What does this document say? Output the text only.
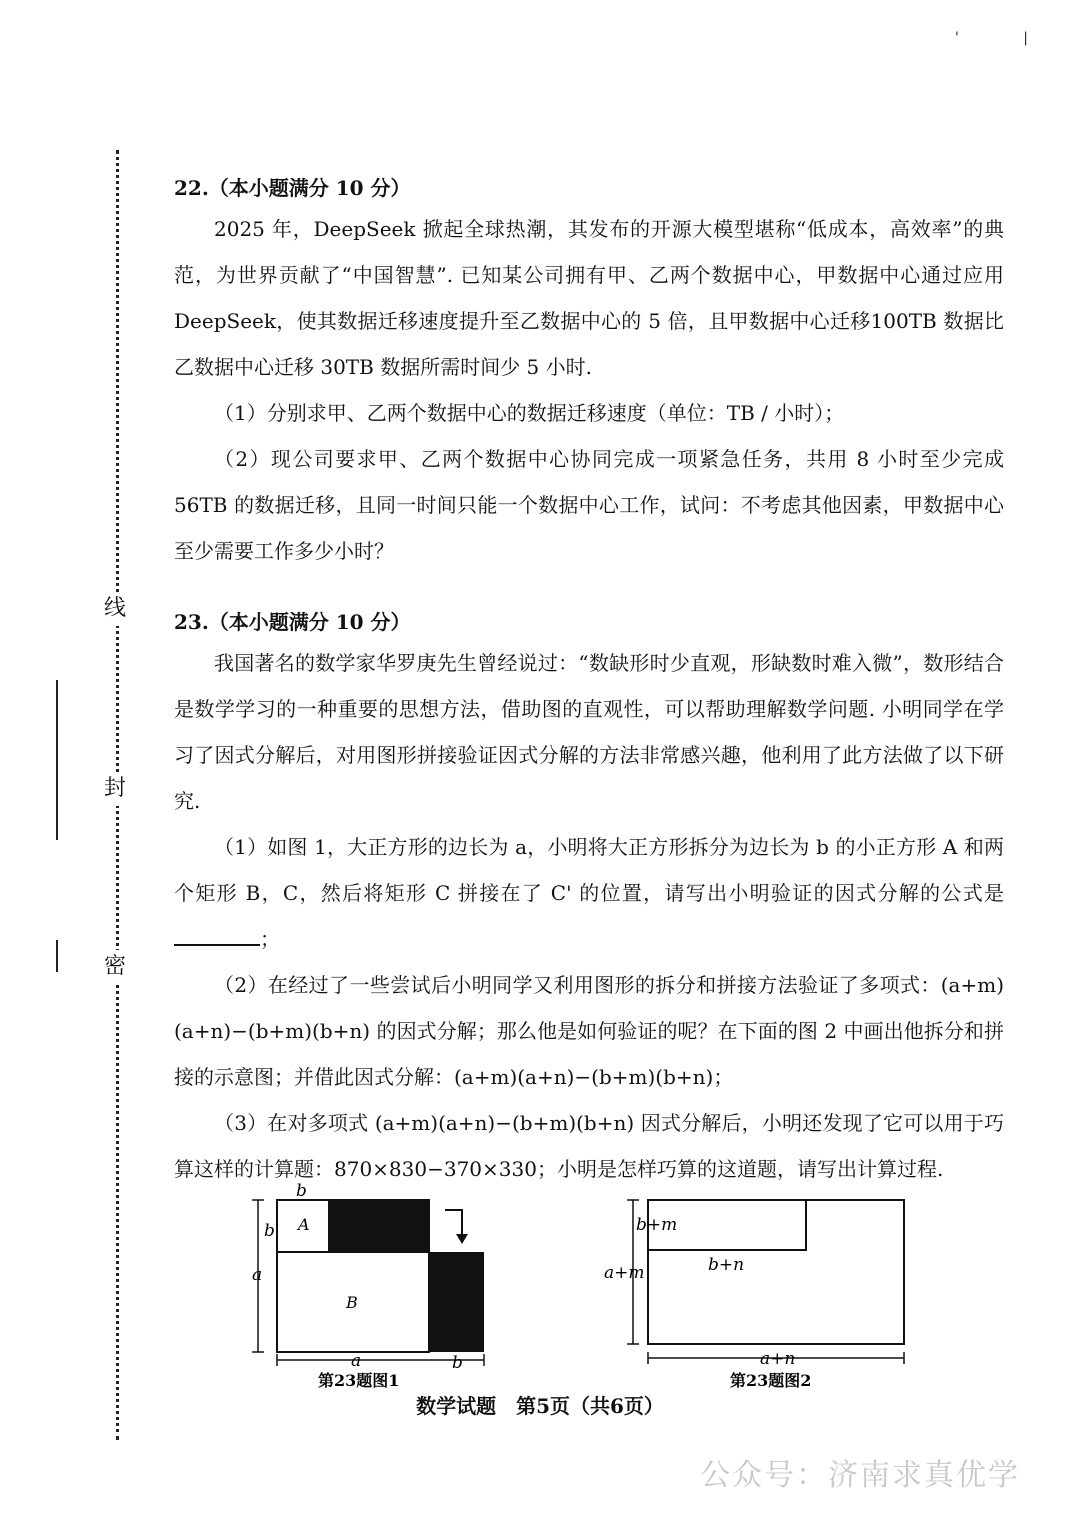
' |
线
封
密

22.（本小题满分 10 分）

2025 年，DeepSeek 掀起全球热潮，其发布的开源大模型堪称“低成本，高效率”的典范，为世界贡献了“中国智慧”. 已知某公司拥有甲、乙两个数据中心，甲数据中心通过应用 DeepSeek，使其数据迁移速度提升至乙数据中心的 5 倍，且甲数据中心迁移100TB 数据比乙数据中心迁移 30TB 数据所需时间少 5 小时.

（1）分别求甲、乙两个数据中心的数据迁移速度（单位：TB / 小时）；

（2）现公司要求甲、乙两个数据中心协同完成一项紧急任务，共用 8 小时至少完成 56TB 的数据迁移，且同一时间只能一个数据中心工作，试问：不考虑其他因素，甲数据中心至少需要工作多少小时？

23.（本小题满分 10 分）

我国著名的数学家华罗庚先生曾经说过：“数缺形时少直观，形缺数时难入微”，数形结合是数学学习的一种重要的思想方法，借助图的直观性，可以帮助理解数学问题. 小明同学在学习了因式分解后，对用图形拼接验证因式分解的方法非常感兴趣，他利用了此方法做了以下研究.

（1）如图 1，大正方形的边长为 a，小明将大正方形拆分为边长为 b 的小正方形 A 和两个矩形 B，C，然后将矩形 C 拼接在了 C' 的位置，请写出小明验证的因式分解的公式是；

（2）在经过了一些尝试后小明同学又利用图形的拆分和拼接方法验证了多项式：(a+m)(a+n)−(b+m)(b+n) 的因式分解；那么他是如何验证的呢？在下面的图 2 中画出他拆分和拼接的示意图；并借此因式分解：(a+m)(a+n)−(b+m)(b+n)；

（3）在对多项式 (a+m)(a+n)−(b+m)(b+n) 因式分解后，小明还发现了它可以用于巧算这样的计算题：870×830−370×330；小明是怎样巧算的这道题，请写出计算过程.

b
b
a
A
B
a	b
第23题图1
b+m
b+n
a+m
a+n
第23题图2
数学试题　第5页（共6页）
公众号：济南求真优学
